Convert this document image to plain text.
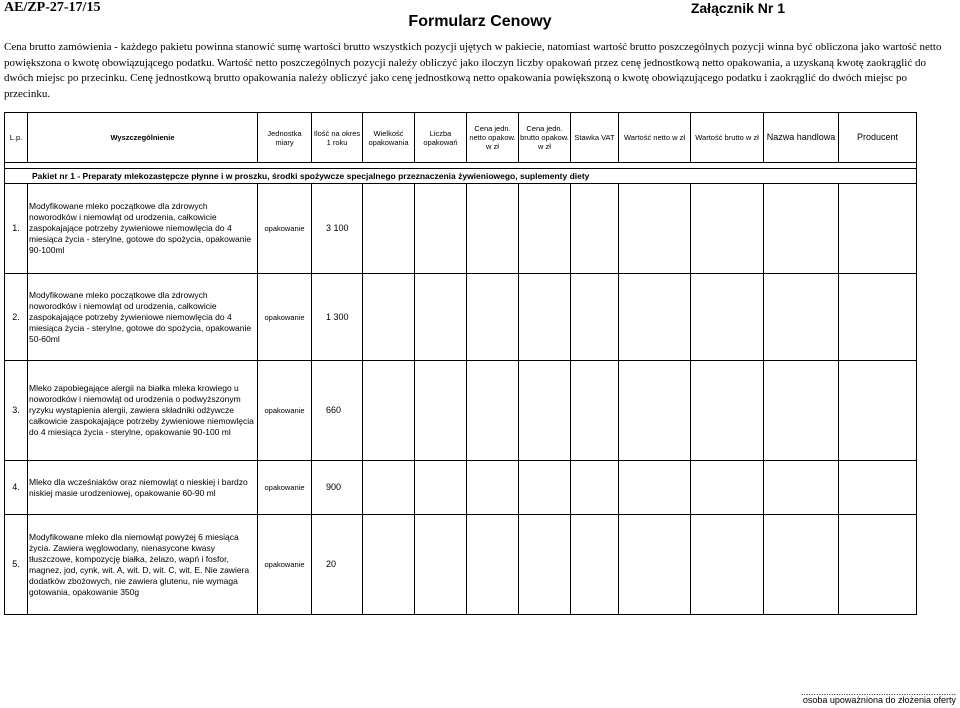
AE/ZP-27-17/15	Załącznik Nr 1
Formularz Cenowy

Cena brutto zamówienia - każdego pakietu powinna stanowić sumę wartości brutto wszystkich pozycji ujętych w pakiecie, natomiast wartość brutto poszczególnych pozycji winna być obliczona jako wartość netto powiększona o kwotę obowiązującego podatku. Wartość netto poszczególnych pozycji należy obliczyć jako iloczyn liczby opakowań przez cenę jednostkową netto opakowania, a uzyskaną kwotę zaokrąglić do dwóch miejsc po przecinku. Cenę jednostkową brutto opakowania należy obliczyć jako cenę jednostkową netto opakowania powiększoną o kwotę obowiązującego podatku i zaokrąglić do dwóch miejsc po przecinku.

L.p.	Wyszczególnienie	Jednostka miary	Ilość na okres 1 roku	Wielkość opakowania	Liczba opakowań	Cena jedn. netto opakow. w zł	Cena jedn. brutto opakow. w zł	Stawka VAT	Wartość netto w zł	Wartość brutto w zł	Nazwa handlowa	Producent

Pakiet nr 1 - Preparaty mlekozastępcze płynne i w proszku, środki spożywcze specjalnego przeznaczenia żywieniowego, suplementy diety												
1.	Modyfikowane mleko początkowe dla zdrowych noworodków i niemowląt od urodzenia, całkowicie zaspokajające potrzeby żywieniowe niemowlęcia do 4 miesiąca życia - sterylne, gotowe do spożycia, opakowanie 90-100ml	opakowanie	3 100									
2.	Modyfikowane mleko początkowe dla zdrowych noworodków i niemowląt od urodzenia, całkowicie zaspokajające potrzeby żywieniowe niemowlęcia do 4 miesiąca życia - sterylne, gotowe do spożycia, opakowanie 50-60ml	opakowanie	1 300									
3.	Mleko zapobiegające alergii na białka mleka krowiego u noworodków i niemowląt od urodzenia o podwyższonym ryzyku wystąpienia alergii, zawiera składniki odżywcze całkowicie zaspokajające potrzeby żywieniowe niemowlęcia do 4 miesiąca życia - sterylne, opakowanie 90-100 ml	opakowanie	660									
4.	Mleko dla wcześniaków oraz niemowląt o nieskiej i bardzo niskiej masie urodzeniowej, opakowanie 60-90 ml	opakowanie	900									
5.	Modyfikowane mleko dla niemowląt powyżej 6 miesiąca życia. Zawiera węglowodany, nienasycone kwasy tłuszczowe, kompozycję białka, żelazo, wapń i fosfor, magnez, jod, cynk, wit. A, wit. D, wit. C, wit. E. Nie zawiera dodatków zbożowych, nie zawiera glutenu, nie wymaga gotowania, opakowanie 350g	opakowanie	20									
..............................................................
osoba upoważniona do złożenia oferty
